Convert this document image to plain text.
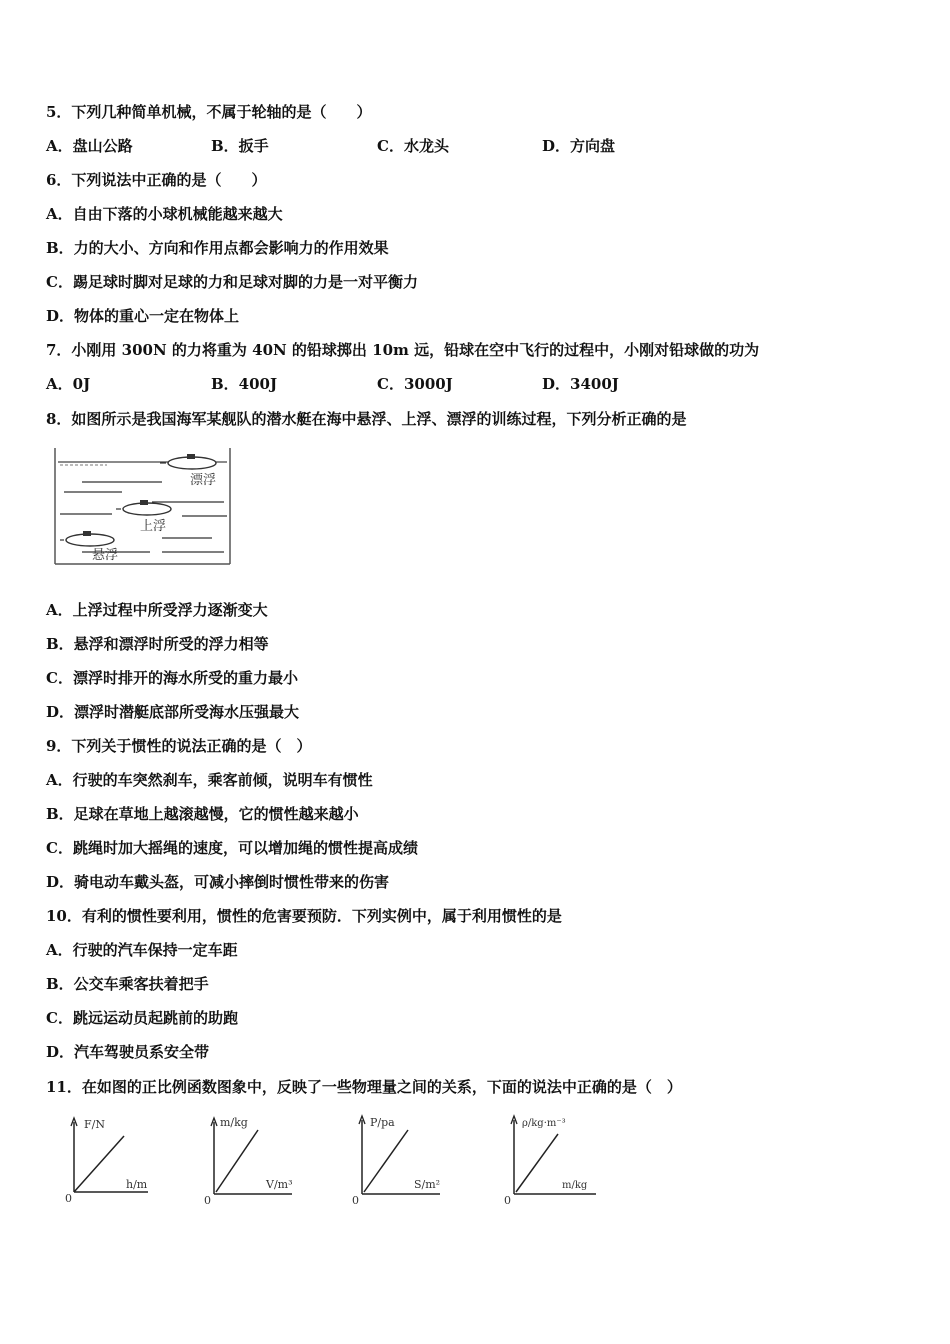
5．下列几种简单机械，不属于轮轴的是（　　）
A．盘山公路	B．扳手	C．水龙头	D．方向盘
6．下列说法中正确的是（　　）
A．自由下落的小球机械能越来越大
B．力的大小、方向和作用点都会影响力的作用效果
C．踢足球时脚对足球的力和足球对脚的力是一对平衡力
D．物体的重心一定在物体上
7．小刚用 300N 的力将重为 40N 的铅球掷出 10m 远，铅球在空中飞行的过程中，小刚对铅球做的功为
A．0J	B．400J	C．3000J	D．3400J
8．如图所示是我国海军某舰队的潜水艇在海中悬浮、上浮、漂浮的训练过程，下列分析正确的是
漂浮
上浮
悬浮
A．上浮过程中所受浮力逐渐变大
B．悬浮和漂浮时所受的浮力相等
C．漂浮时排开的海水所受的重力最小
D．漂浮时潜艇底部所受海水压强最大
9．下列关于惯性的说法正确的是（　）
A．行驶的车突然刹车，乘客前倾，说明车有惯性
B．足球在草地上越滚越慢，它的惯性越来越小
C．跳绳时加大摇绳的速度，可以增加绳的惯性提高成绩
D．骑电动车戴头盔，可减小摔倒时惯性带来的伤害
10．有利的惯性要利用，惯性的危害要预防．下列实例中，属于利用惯性的是
A．行驶的汽车保持一定车距
B．公交车乘客扶着把手
C．跳远运动员起跳前的助跑
D．汽车驾驶员系安全带
11．在如图的正比例函数图象中，反映了一些物理量之间的关系，下面的说法中正确的是（　）
F/N
h/m
0
m/kg
V/m³
0
P/pa
S/m²
0
ρ/kg·m⁻³
m/kg
0
